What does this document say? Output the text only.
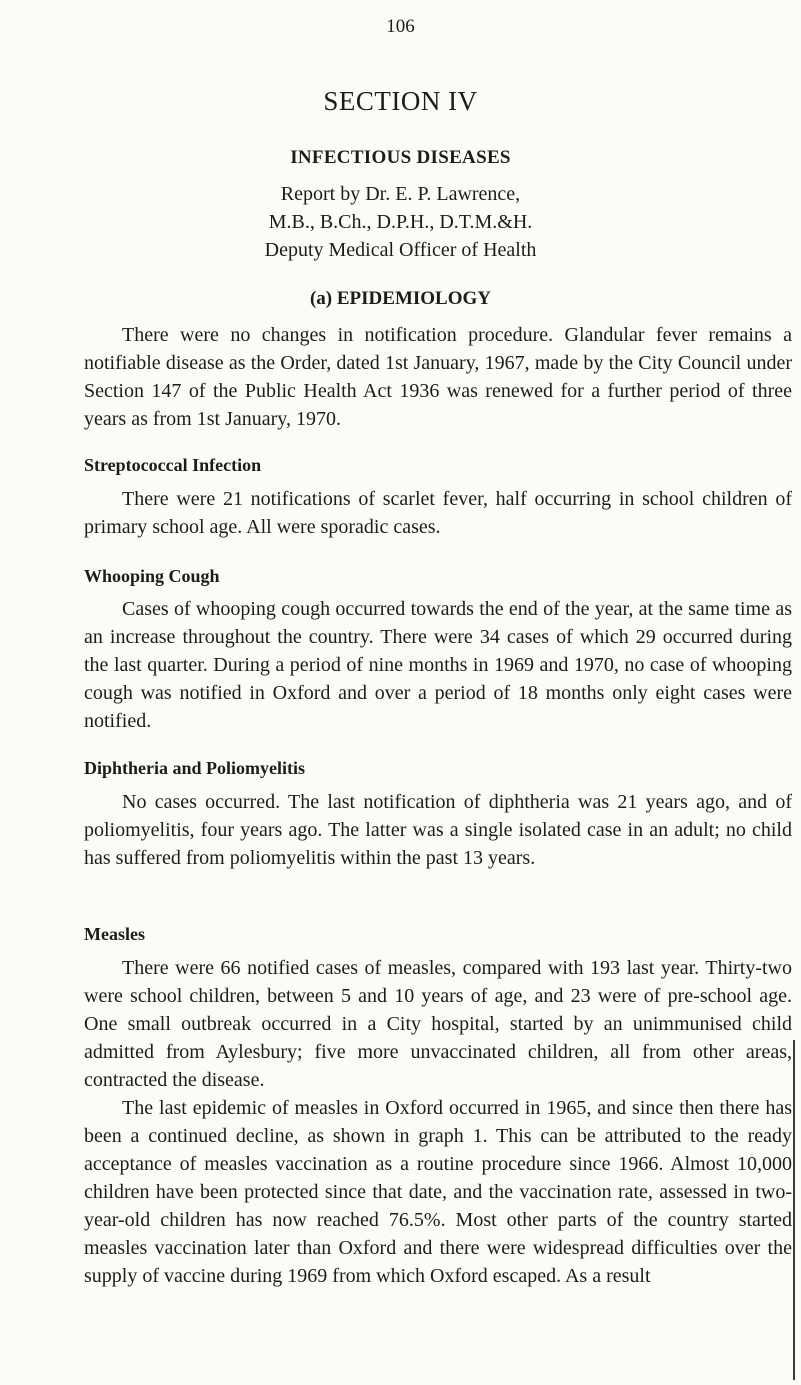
106
SECTION IV
INFECTIOUS DISEASES
Report by Dr. E. P. Lawrence,
M.B., B.Ch., D.P.H., D.T.M.&H.
Deputy Medical Officer of Health
(a) EPIDEMIOLOGY

There were no changes in notification procedure. Glandular fever remains a notifiable disease as the Order, dated 1st January, 1967, made by the City Council under Section 147 of the Public Health Act 1936 was renewed for a further period of three years as from 1st January, 1970.

Streptococcal Infection

There were 21 notifications of scarlet fever, half occurring in school children of primary school age. All were sporadic cases.

Whooping Cough

Cases of whooping cough occurred towards the end of the year, at the same time as an increase throughout the country. There were 34 cases of which 29 occurred during the last quarter. During a period of nine months in 1969 and 1970, no case of whooping cough was notified in Oxford and over a period of 18 months only eight cases were notified.

Diphtheria and Poliomyelitis

No cases occurred. The last notification of diphtheria was 21 years ago, and of poliomyelitis, four years ago. The latter was a single isolated case in an adult; no child has suffered from poliomyelitis within the past 13 years.

Measles

There were 66 notified cases of measles, compared with 193 last year. Thirty-two were school children, between 5 and 10 years of age, and 23 were of pre-school age. One small outbreak occurred in a City hospital, started by an unimmunised child admitted from Aylesbury; five more unvaccinated children, all from other areas, contracted the disease.

The last epidemic of measles in Oxford occurred in 1965, and since then there has been a continued decline, as shown in graph 1. This can be attributed to the ready acceptance of measles vaccination as a routine procedure since 1966. Almost 10,000 children have been protected since that date, and the vaccination rate, assessed in two-year-old children has now reached 76.5%. Most other parts of the country started measles vaccination later than Oxford and there were widespread difficulties over the supply of vaccine during 1969 from which Oxford escaped. As a result
